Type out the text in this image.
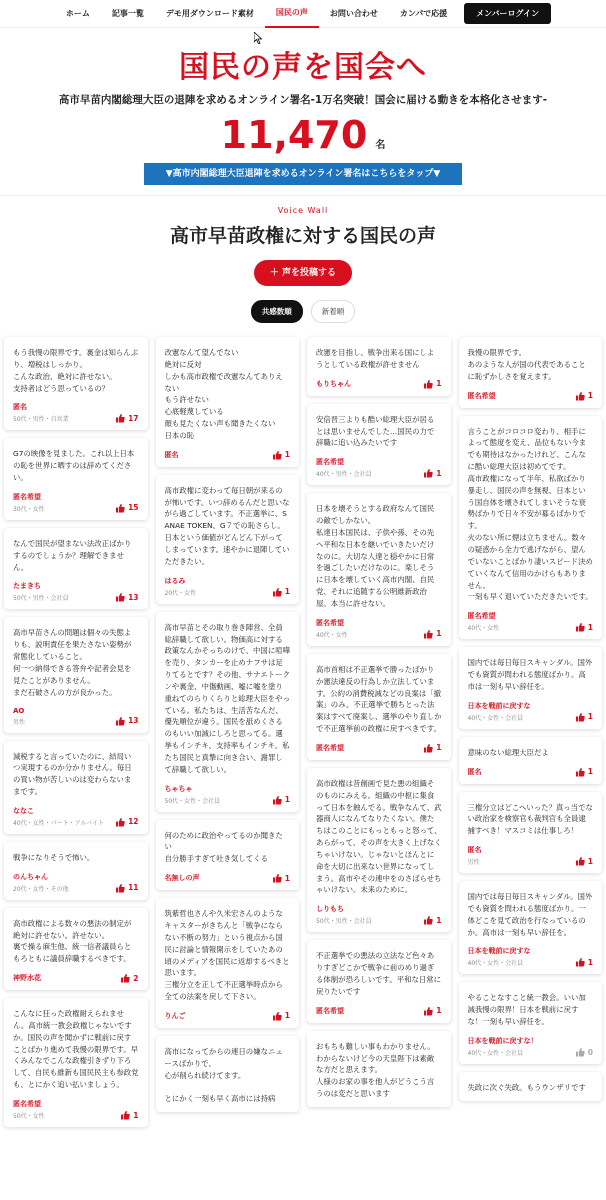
ホーム	記事一覧	デモ用ダウンロード素材	国民の声	お問い合わせ	カンパで応援	メンバーログイン
国民の声を国会へ
高市早苗内閣総理大臣の退陣を求めるオンライン署名-1万名突破！国会に届ける動きを本格化させます-
11,470 名
▼高市内閣総理大臣退陣を求めるオンライン署名はこちらをタップ▼
Voice Wall
高市早苗政権に対する国民の声
＋ 声を投稿する
共感数順	新着順
もう我慢の限界です。裏金は知らんぷり、増税はしっかり。
こんな政治、絶対に許せない。
支持者はどう思っているの？
匿名
50代・男性・自営業	17
G7の映像を見ました。これ以上日本の恥を世界に晒すのは辞めてください。
匿名希望
30代・女性	15
なんで国民が望まない法改正ばかりするのでしょうか？理解できません。
たまきち
50代・男性・会社員	13
高市早苗さんの問題は個々の失態よりも、説明責任を果たさない姿勢が常態化していること。
何一つ納得できる答弁や記者会見を見たことがありません。
まだ石破さんの方が良かった。
AO
男性	13
減税すると言っていたのに、結局いつ実現するのか分かりません。毎日の買い物が苦しいのは変わらないままです。
ななこ
40代・女性・パート・アルバイト	12
戦争になりそうで怖い。
のんちゃん
20代・女性・その他	11
高市政権による数々の悪法の制定が絶対に許せない。許せない。
裏で操る麻生他、統一信者議員らともろともに議員辞職するべきです。
神野水花	2
こんなに狂った政権耐えられません。高市統一教会政権じゃないですか。国民の声を聞かずに戦前に戻すことばかり進めて我慢の限界です。早くみんなでこんな政権引きずり下ろして、自民も維新も国民民主も参政党も、とにかく追い払いましょう。
匿名希望
50代・女性	1
改憲なんて望んでない
絶対に反対
しかも高市政権で改憲なんてありえない
もう許せない
心底軽蔑している
顔も見たくない声も聞きたくない
日本の恥
匿名	1
高市政権に変わって毎日朝が来るのが怖いです。いつ辞めるんだと思いながら過ごしています。不正選挙に、SANAE TOKEN、G７での恥さらし。日本という価値がどんどん下がってしまっています。速やかに退陣していただきたい。
はるみ
20代・女性	1
高市早苗とその取り巻き陣営、全員総辞職して欲しい。物価高に対する政策なんかそっちのけで、中国に喧嘩を売り、タンカーを止めナフサは足りてるとです？その他、サナエトークンや裏金、中傷動画、嘘に嘘を塗り重ねてのらりくらりと総理大臣をやっている。私たちは、生活苦なんだ、優先順位が違う。国民を舐めくさるのもいい加減にしろと思ってる。選挙もインチキ、支持率もインチキ。私たち国民と真摯に向き合い、謝罪して辞職して欲しい。
ちゃちゃ
50代・女性・会社員	1
何のために政治やってるのか聞きたい
自分勝手すぎて吐き気してくる
名無しの声	1
筑紫哲也さんや久米宏さんのようなキャスターがきちんと「戦争にならない不断の努力」という視点から国民に討論と情報開示をしていたあの頃のメディアを国民に返却するべきと思います。
三権分立を正して不正選挙時点から全ての法案を戻して下さい。
りんご	1
高市になってからの連日の嫌なニュースばかりで、
心が削られ続けてます。

とにかく一刻も早く高市には持病
改憲を目指し、戦争出来る国にしようとしている政権が許せません
もりちゃん	1
安倍晋三よりも酷い総理大臣が居るとは思いませんでした…国民の力で辞職に追い込みたいです
匿名希望
40代・男性・会社員	1
日本を壊そうとする政府なんて国民の敵でしかない。
私達日本国民は、子供や孫、その先へ平和な日本を継いでいきたいだけなのに。大切な人達と穏やかに日常を過ごしたいだけなのに。楽しそうに日本を壊していく高市内閣、自民党、それに追随する公明維新政治屋。本当に許せない。
匿名希望
40代・女性	1
高市首相は不正選挙で勝ったばかりか憲法違反の行為しか立法しています。公約の消費税減などの良案は「撤案」のみ。不正選挙で勝ちとった法案はすべて廃案し、選挙のやり直しかで不正選挙前の政権に戻すべきです。
匿名希望	1
高市政権は昔創画で見た悪の組織そのものにみえる。組織の中枢に集食って日本を蝕んでる。戦争なんて、武器商人になんてなりたくない。僕たちはこのことにもっともっと怒って、あらがって、その声を大きく上げなくちゃいけない。じゃないとほんとに命を大切に出来ない世界になってしまう。高市やその連中をのさばらせちゃいけない。未来のために。
しりもち
50代・男性・会社員	1
不正選挙での悪法の立法など色々ありすぎどこかで戦争に前のめり過ぎる体制が恐ろしいです。平和な日常に戻りたいです
匿名希望	1
おもちも難しい事もわかりません。
わからないけど今の天皇陛下は素敵な方だと思えます。
人様のお家の事を他人がどうこう言うのは変だと思います
我慢の限界です。
あのような人が国の代表であることに恥ずかしさを覚えます。
匿名希望	1
言うことがコロコロ変わり、相手によって態度を変え、品位もない今までも期待はなかったけれど、こんなに酷い総理大臣は初めてです。
高市政権になって半年、私欲ばかり暴走し、国民の声を無視、日本という国自体を壊されてしまいそうな衰勢ばかりで日々不安が募るばかりです。
火のない所に煙は立ちません。数々の疑惑から全力で逃げながら、望んでいないことばかり凄いスピード決めていくなんて信用のかけらもありません。
一刻も早く退いていただきたいです。
匿名希望
40代・女性	1
国内では毎日毎日スキャンダル。国外でも資質が問われる態度ばかり。高市は一刻も早い辞任を。
日本を戦前に戻すな
40代・女性・会社員	1
意味のない総理大臣だよ
匿名	1
三権分立はどこへいった？真っ当でない政治家を検察官も裁判官も全員逮捕すべき！マスコミは仕事しろ！
匿名
男性	1
国内では毎日毎日スキャンダル。国外でも資質を問われる態度ばかり。一体どこを見て政治を行なっているのか。高市は一刻も早い辞任を。
日本を戦前に戻すな
40代・女性・会社員	1
やることなすこと統一教会。いい加減我慢の限界！日本を戦前に戻すな！一刻も早い辞任を。
日本を戦前に戻すな！
40代・女性・会社員	0
失政に次ぐ失政。もうウンザリです
